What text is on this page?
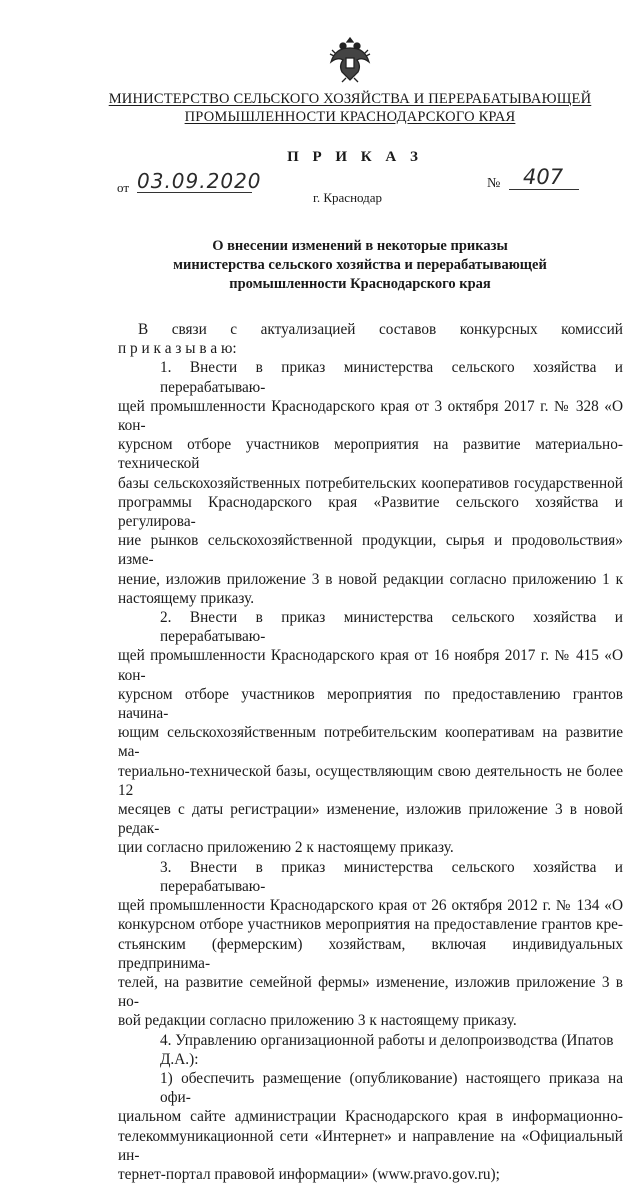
МИНИСТЕРСТВО СЕЛЬСКОГО ХОЗЯЙСТВА И ПЕРЕРАБАТЫВАЮЩЕЙ
ПРОМЫШЛЕННОСТИ КРАСНОДАРСКОГО КРАЯ
П Р И К А З
от 03.09.2020	№	407
г. Краснодар
О внесении изменений в некоторые приказы
министерства сельского хозяйства и перерабатывающей
промышленности Краснодарского края
В связи с актуализацией составов конкурсных комиссий
п р и к а з ы в а ю:
1. Внести в приказ министерства сельского хозяйства и перерабатываю-
щей промышленности Краснодарского края от 3 октября 2017 г. № 328 «О кон-
курсном отборе участников мероприятия на развитие материально-технической
базы сельскохозяйственных потребительских кооперативов государственной
программы Краснодарского края «Развитие сельского хозяйства и регулирова-
ние рынков сельскохозяйственной продукции, сырья и продовольствия» изме-
нение, изложив приложение 3 в новой редакции согласно приложению 1 к
настоящему приказу.
2. Внести в приказ министерства сельского хозяйства и перерабатываю-
щей промышленности Краснодарского края от 16 ноября 2017 г. № 415 «О кон-
курсном отборе участников мероприятия по предоставлению грантов начина-
ющим сельскохозяйственным потребительским кооперативам на развитие ма-
териально-технической базы, осуществляющим свою деятельность не более 12
месяцев с даты регистрации» изменение, изложив приложение 3 в новой редак-
ции согласно приложению 2 к настоящему приказу.
3. Внести в приказ министерства сельского хозяйства и перерабатываю-
щей промышленности Краснодарского края от 26 октября 2012 г. № 134 «О
конкурсном отборе участников мероприятия на предоставление грантов кре-
стьянским (фермерским) хозяйствам, включая индивидуальных предпринима-
телей, на развитие семейной фермы» изменение, изложив приложение 3 в но-
вой редакции согласно приложению 3 к настоящему приказу.
4. Управлению организационной работы и делопроизводства (Ипатов Д.А.):
1) обеспечить размещение (опубликование) настоящего приказа на офи-
циальном сайте администрации Краснодарского края в информационно-
телекоммуникационной сети «Интернет» и направление на «Официальный ин-
тернет-портал правовой информации» (www.pravo.gov.ru);
